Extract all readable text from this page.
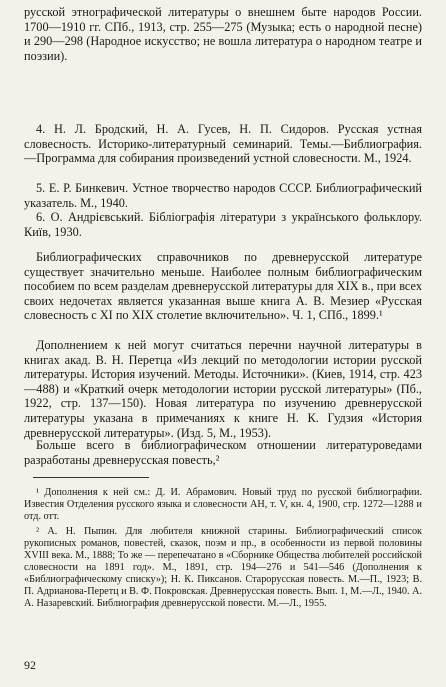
русской этнографической литературы о внешнем быте народов России. 1700—1910 гг. СПб., 1913, стр. 255—275 (Музыка; есть о народной песне) и 290—298 (Народное искусство; не вошла литература о народном театре и поэзии).

4. Н. Л. Бродский, Н. А. Гусев, Н. П. Сидоров. Русская устная словесность. Историко-литературный семинарий. Темы.—Библиография.—Программа для собирания произведений устной словесности. М., 1924.

5. Е. Р. Бинкевич. Устное творчество народов СССР. Библиографический указатель. М., 1940.

6. О. Андрiєвський. Бiблiографiя лiтератури з украïнського фольклору. Киïв, 1930.

Библиографических справочников по древнерусской литературе существует значительно меньше. Наиболее полным библиографическим пособием по всем разделам древнерусской литературы для XIX в., при всех своих недочетах является указанная выше книга А. В. Мезиер «Русская словесность с XI по XIX столетие включительно». Ч. 1, СПб., 1899.¹

Дополнением к ней могут считаться перечни научной литературы в книгах акад. В. Н. Перетца «Из лекций по методологии истории русской литературы. История изучений. Методы. Источники». (Киев, 1914, стр. 423—488) и «Краткий очерк методологии истории русской литературы» (Пб., 1922, стр. 137—150). Новая литература по изучению древнерусской литературы указана в примечаниях к книге Н. К. Гудзия «История древнерусской литературы». (Изд. 5, М., 1953).

Больше всего в библиографическом отношении литературоведами разработаны древнерусская повесть,²

¹ Дополнения к ней см.: Д. И. Абрамович. Новый труд по русской библиографии. Известия Отделения русского языка и словесности АН, т. V, кн. 4, 1900, стр. 1272—1288 и отд. отт.

² А. Н. Пыпин. Для любителя книжной старины. Библиографический список рукописных романов, повестей, сказок, поэм и пр., в особенности из первой половины XVIII века. М., 1888; То же — перепечатано в «Сборнике Общества любителей российской словесности на 1891 год». М., 1891, стр. 194—276 и 541—546 (Дополнения к «Библиографическому списку»); Н. К. Пиксанов. Старорусская повесть. М.—П., 1923; В. П. Адрианова-Перетц и В. Ф. Покровская. Древнерусская повесть. Вып. 1, М.—Л., 1940. А. А. Назаревский. Библиография древнерусской повести. М.—Л., 1955.

92
